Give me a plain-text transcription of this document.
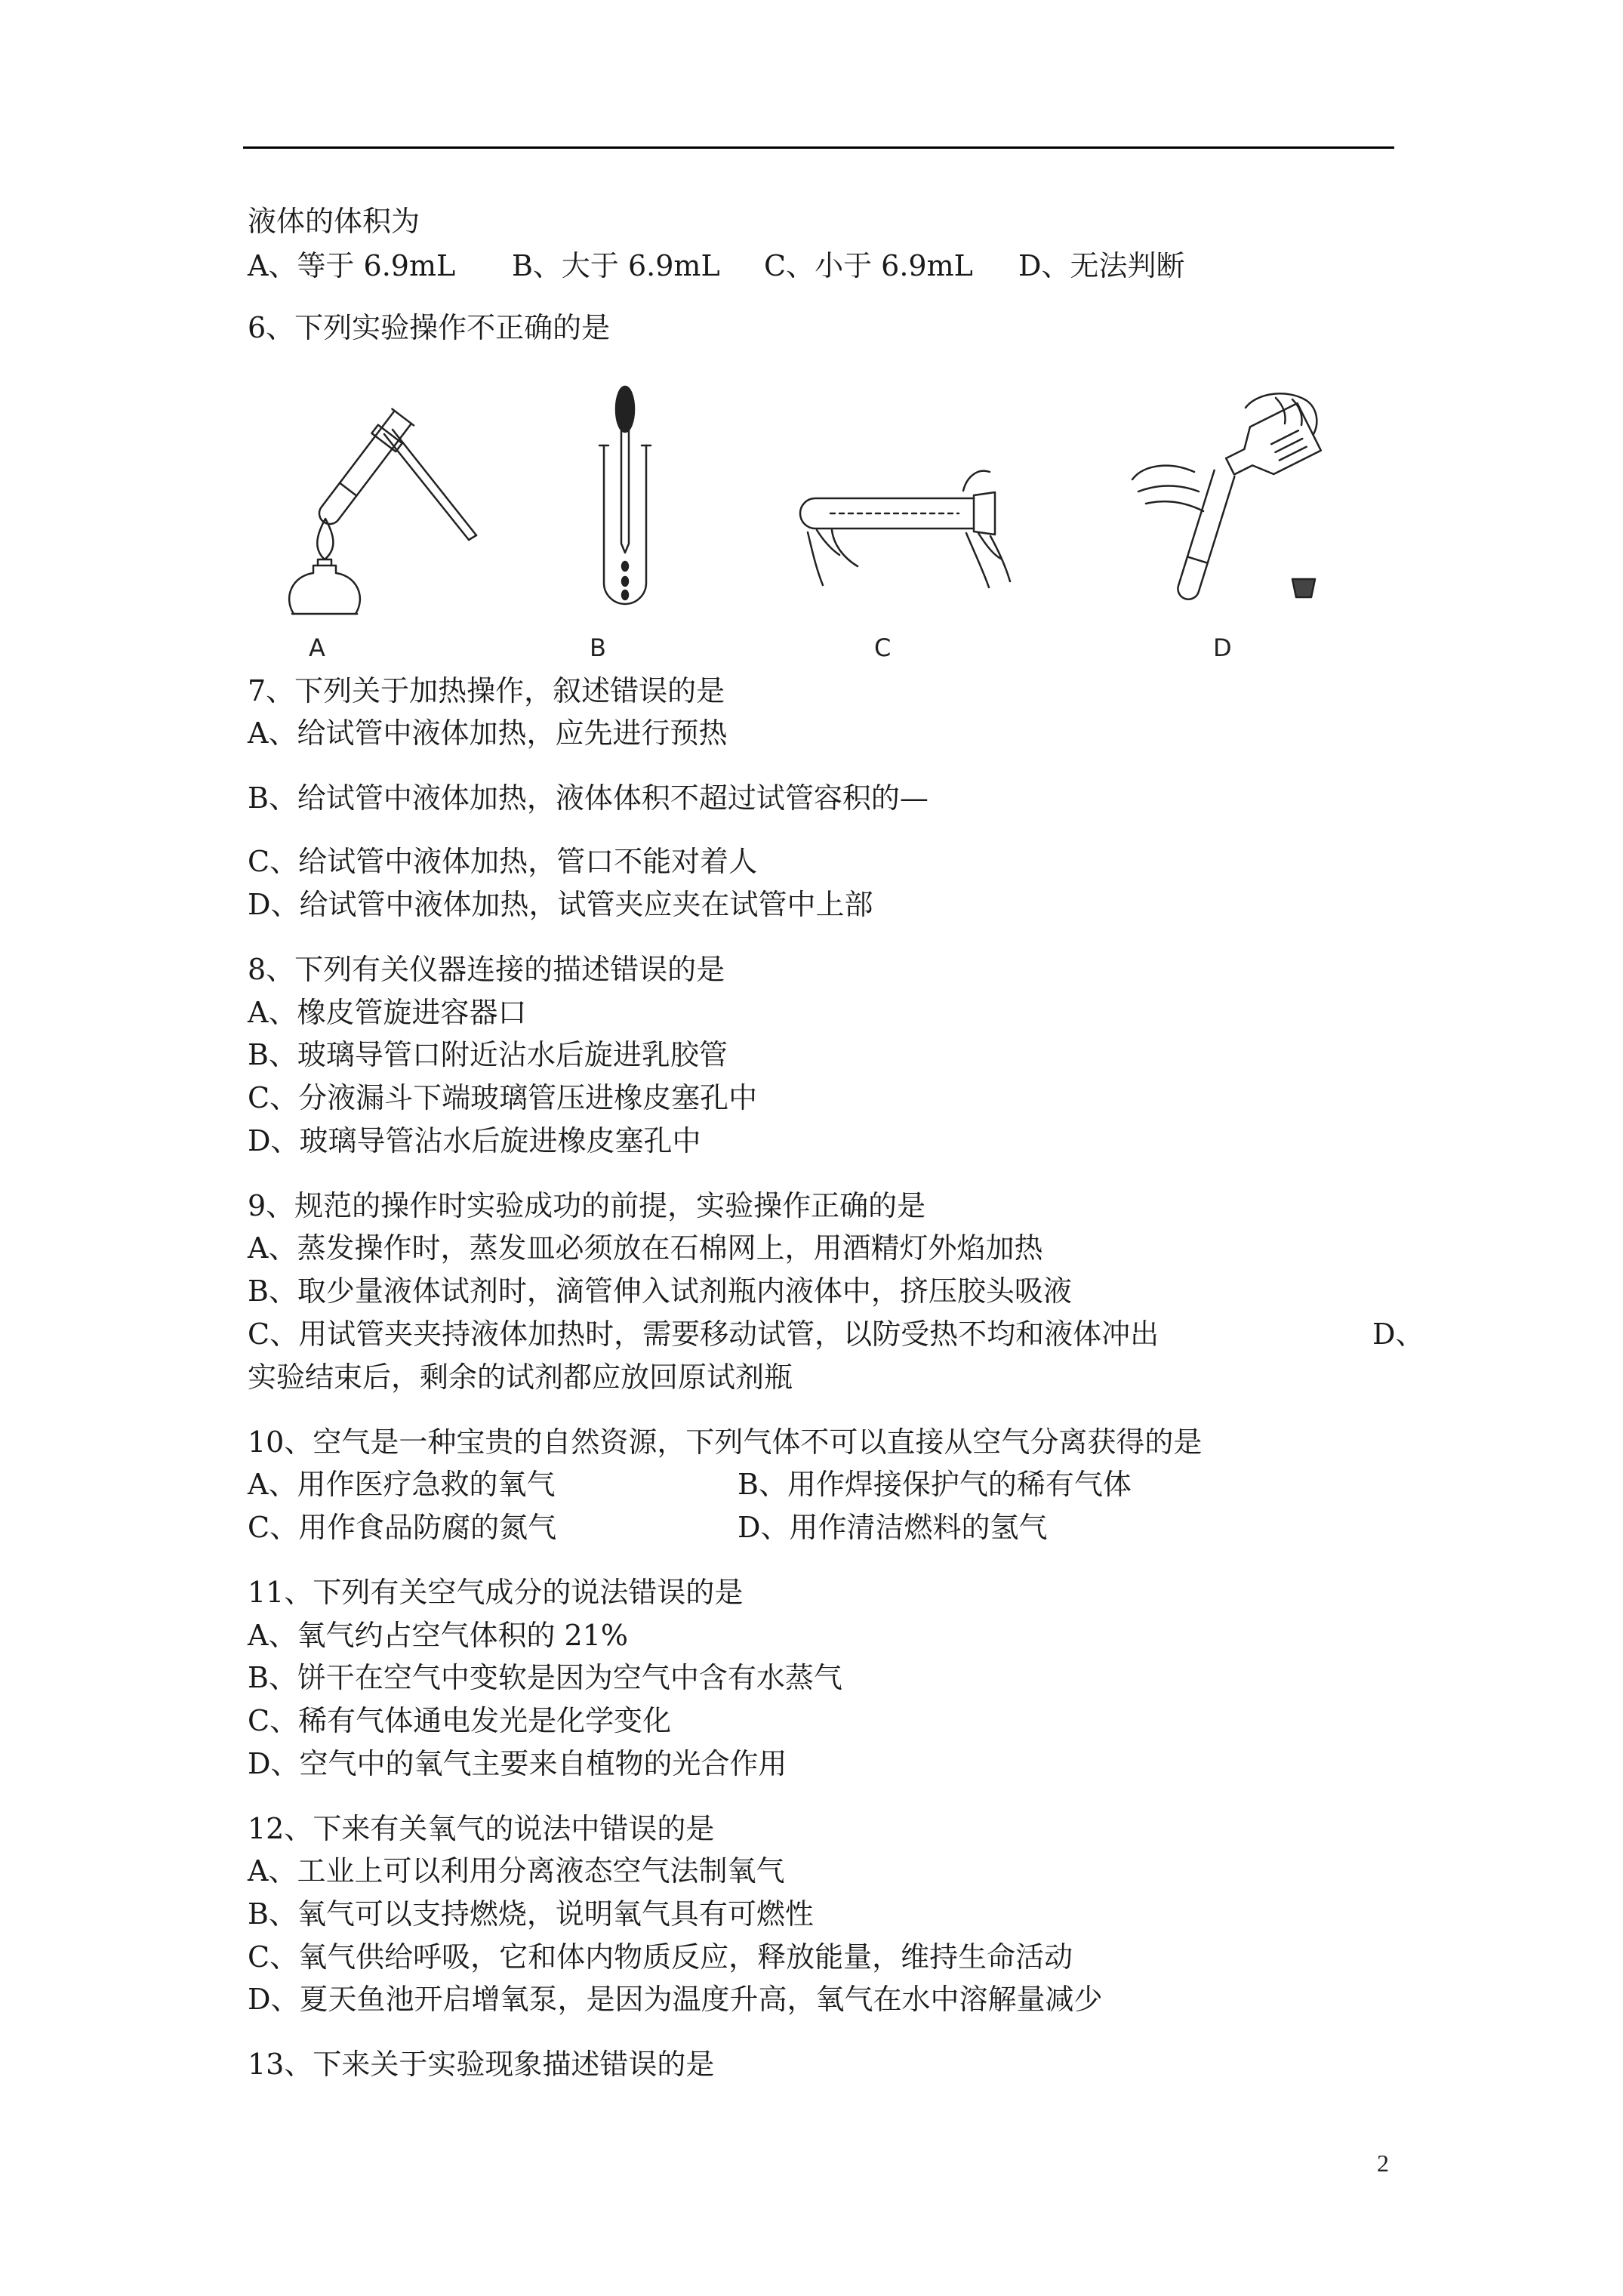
液体的体积为
A、等于 6.9mL B、大于 6.9mL C、小于 6.9mL D、无法判断
6、下列实验操作不正确的是
A	B	C	D
7、下列关于加热操作，叙述错误的是
A、给试管中液体加热，应先进行预热
B、给试管中液体加热，液体体积不超过试管容积的—
C、给试管中液体加热，管口不能对着人
D、给试管中液体加热，试管夹应夹在试管中上部
8、下列有关仪器连接的描述错误的是
A、橡皮管旋进容器口
B、玻璃导管口附近沾水后旋进乳胶管
C、分液漏斗下端玻璃管压进橡皮塞孔中
D、玻璃导管沾水后旋进橡皮塞孔中
9、规范的操作时实验成功的前提，实验操作正确的是
A、蒸发操作时，蒸发皿必须放在石棉网上，用酒精灯外焰加热
B、取少量液体试剂时，滴管伸入试剂瓶内液体中，挤压胶头吸液
C、用试管夹夹持液体加热时，需要移动试管，以防受热不均和液体冲出	D、
实验结束后，剩余的试剂都应放回原试剂瓶
10、空气是一种宝贵的自然资源，下列气体不可以直接从空气分离获得的是
A、用作医疗急救的氧气	B、用作焊接保护气的稀有气体
C、用作食品防腐的氮气	D、用作清洁燃料的氢气
11、下列有关空气成分的说法错误的是
A、氧气约占空气体积的 21%
B、饼干在空气中变软是因为空气中含有水蒸气
C、稀有气体通电发光是化学变化
D、空气中的氧气主要来自植物的光合作用
12、下来有关氧气的说法中错误的是
A、工业上可以利用分离液态空气法制氧气
B、氧气可以支持燃烧，说明氧气具有可燃性
C、氧气供给呼吸，它和体内物质反应，释放能量，维持生命活动
D、夏天鱼池开启增氧泵，是因为温度升高，氧气在水中溶解量减少
13、下来关于实验现象描述错误的是
2
